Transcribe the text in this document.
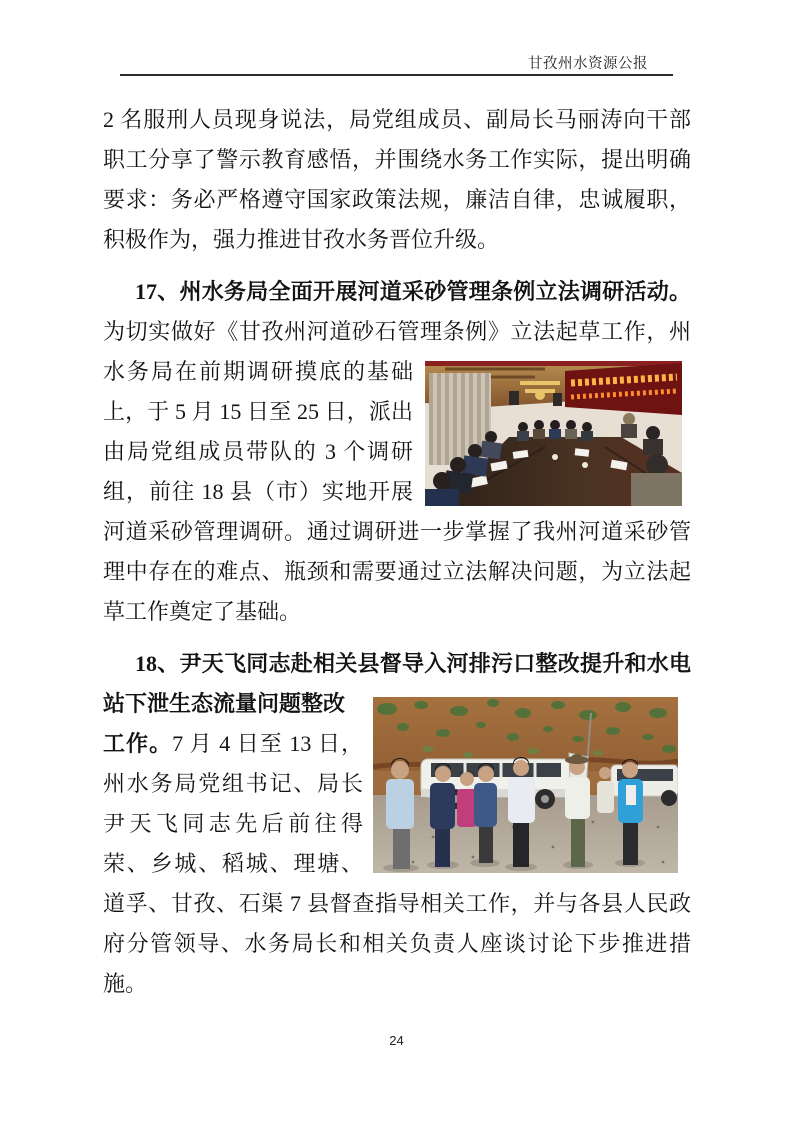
甘孜州水资源公报
2 名服刑人员现身说法，局党组成员、副局长马丽涛向干部
职工分享了警示教育感悟，并围绕水务工作实际，提出明确
要求：务必严格遵守国家政策法规，廉洁自律，忠诚履职，
积极作为，强力推进甘孜水务晋位升级。
17、州水务局全面开展河道采砂管理条例立法调研活动。
为切实做好《甘孜州河道砂石管理条例》立法起草工作，州
水务局在前期调研摸底的基础
上，于 5 月 15 日至 25 日，派出
由局党组成员带队的 3 个调研
组，前往 18 县（市）实地开展
河道采砂管理调研。通过调研进一步掌握了我州河道采砂管
理中存在的难点、瓶颈和需要通过立法解决问题，为立法起
草工作奠定了基础。
18、尹天飞同志赴相关县督导入河排污口整改提升和水电
站下泄生态流量问题整改
工作。7 月 4 日至 13 日，
州水务局党组书记、局长
尹天飞同志先后前往得
荣、乡城、稻城、理塘、
道孚、甘孜、石渠 7 县督查指导相关工作，并与各县人民政
府分管领导、水务局长和相关负责人座谈讨论下步推进措
施。
24
